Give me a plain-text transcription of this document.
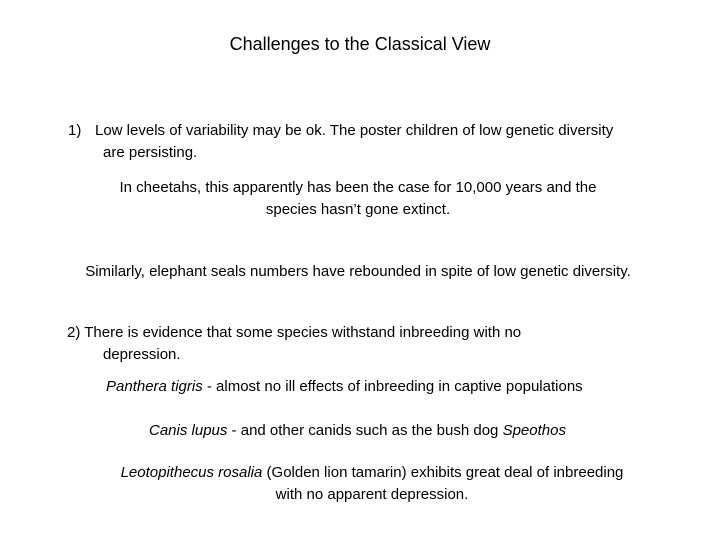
Challenges to the Classical View
1) Low levels of variability may be ok. The poster children of low genetic diversity
are persisting.
In cheetahs, this apparently has been the case for 10,000 years and the
species hasn’t gone extinct.
Similarly, elephant seals numbers have rebounded in spite of low genetic diversity.
2) There is evidence that some species withstand inbreeding with no
depression.
Panthera tigris - almost no ill effects of inbreeding in captive populations
Canis lupus - and other canids such as the bush dog Speothos
Leotopithecus rosalia (Golden lion tamarin) exhibits great deal of inbreeding
with no apparent depression.
